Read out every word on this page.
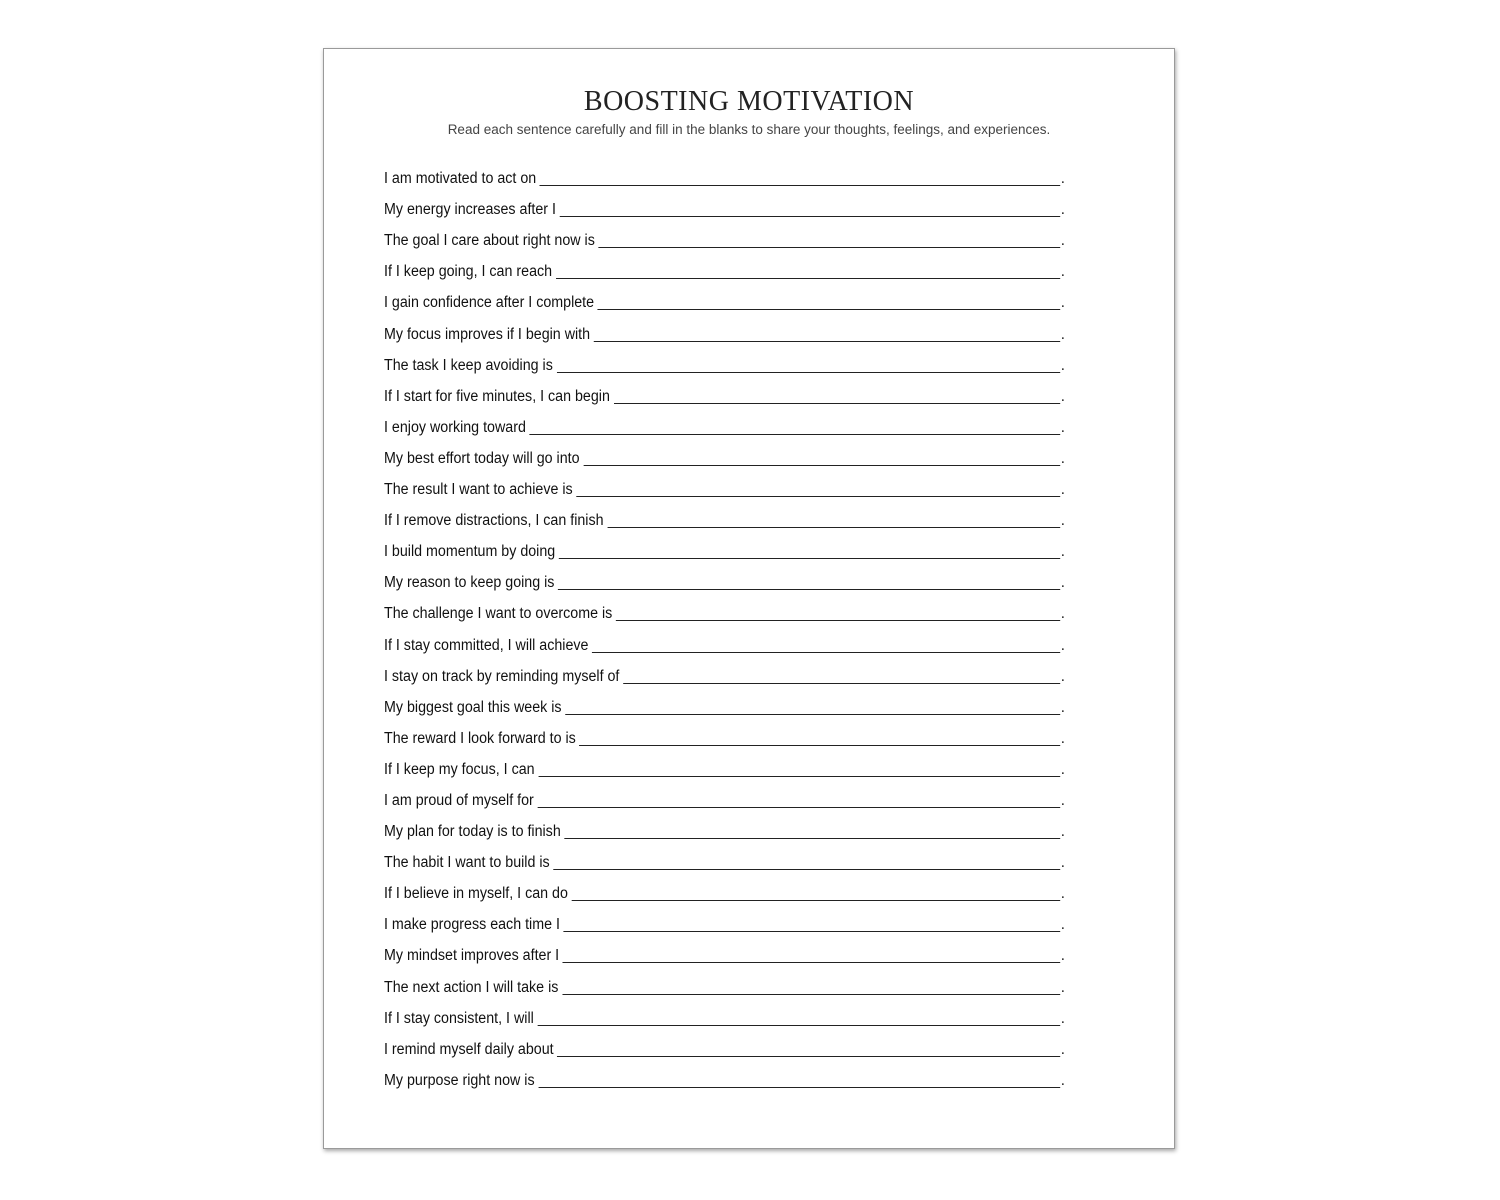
BOOSTING MOTIVATION

Read each sentence carefully and fill in the blanks to share your thoughts, feelings, and experiences.

I am motivated to act on	.
My energy increases after I	.
The goal I care about right now is	.
If I keep going, I can reach	.
I gain confidence after I complete	.
My focus improves if I begin with	.
The task I keep avoiding is	.
If I start for five minutes, I can begin	.
I enjoy working toward	.
My best effort today will go into	.
The result I want to achieve is	.
If I remove distractions, I can finish	.
I build momentum by doing	.
My reason to keep going is	.
The challenge I want to overcome is	.
If I stay committed, I will achieve	.
I stay on track by reminding myself of	.
My biggest goal this week is	.
The reward I look forward to is	.
If I keep my focus, I can	.
I am proud of myself for	.
My plan for today is to finish	.
The habit I want to build is	.
If I believe in myself, I can do	.
I make progress each time I	.
My mindset improves after I	.
The next action I will take is	.
If I stay consistent, I will	.
I remind myself daily about	.
My purpose right now is	.
